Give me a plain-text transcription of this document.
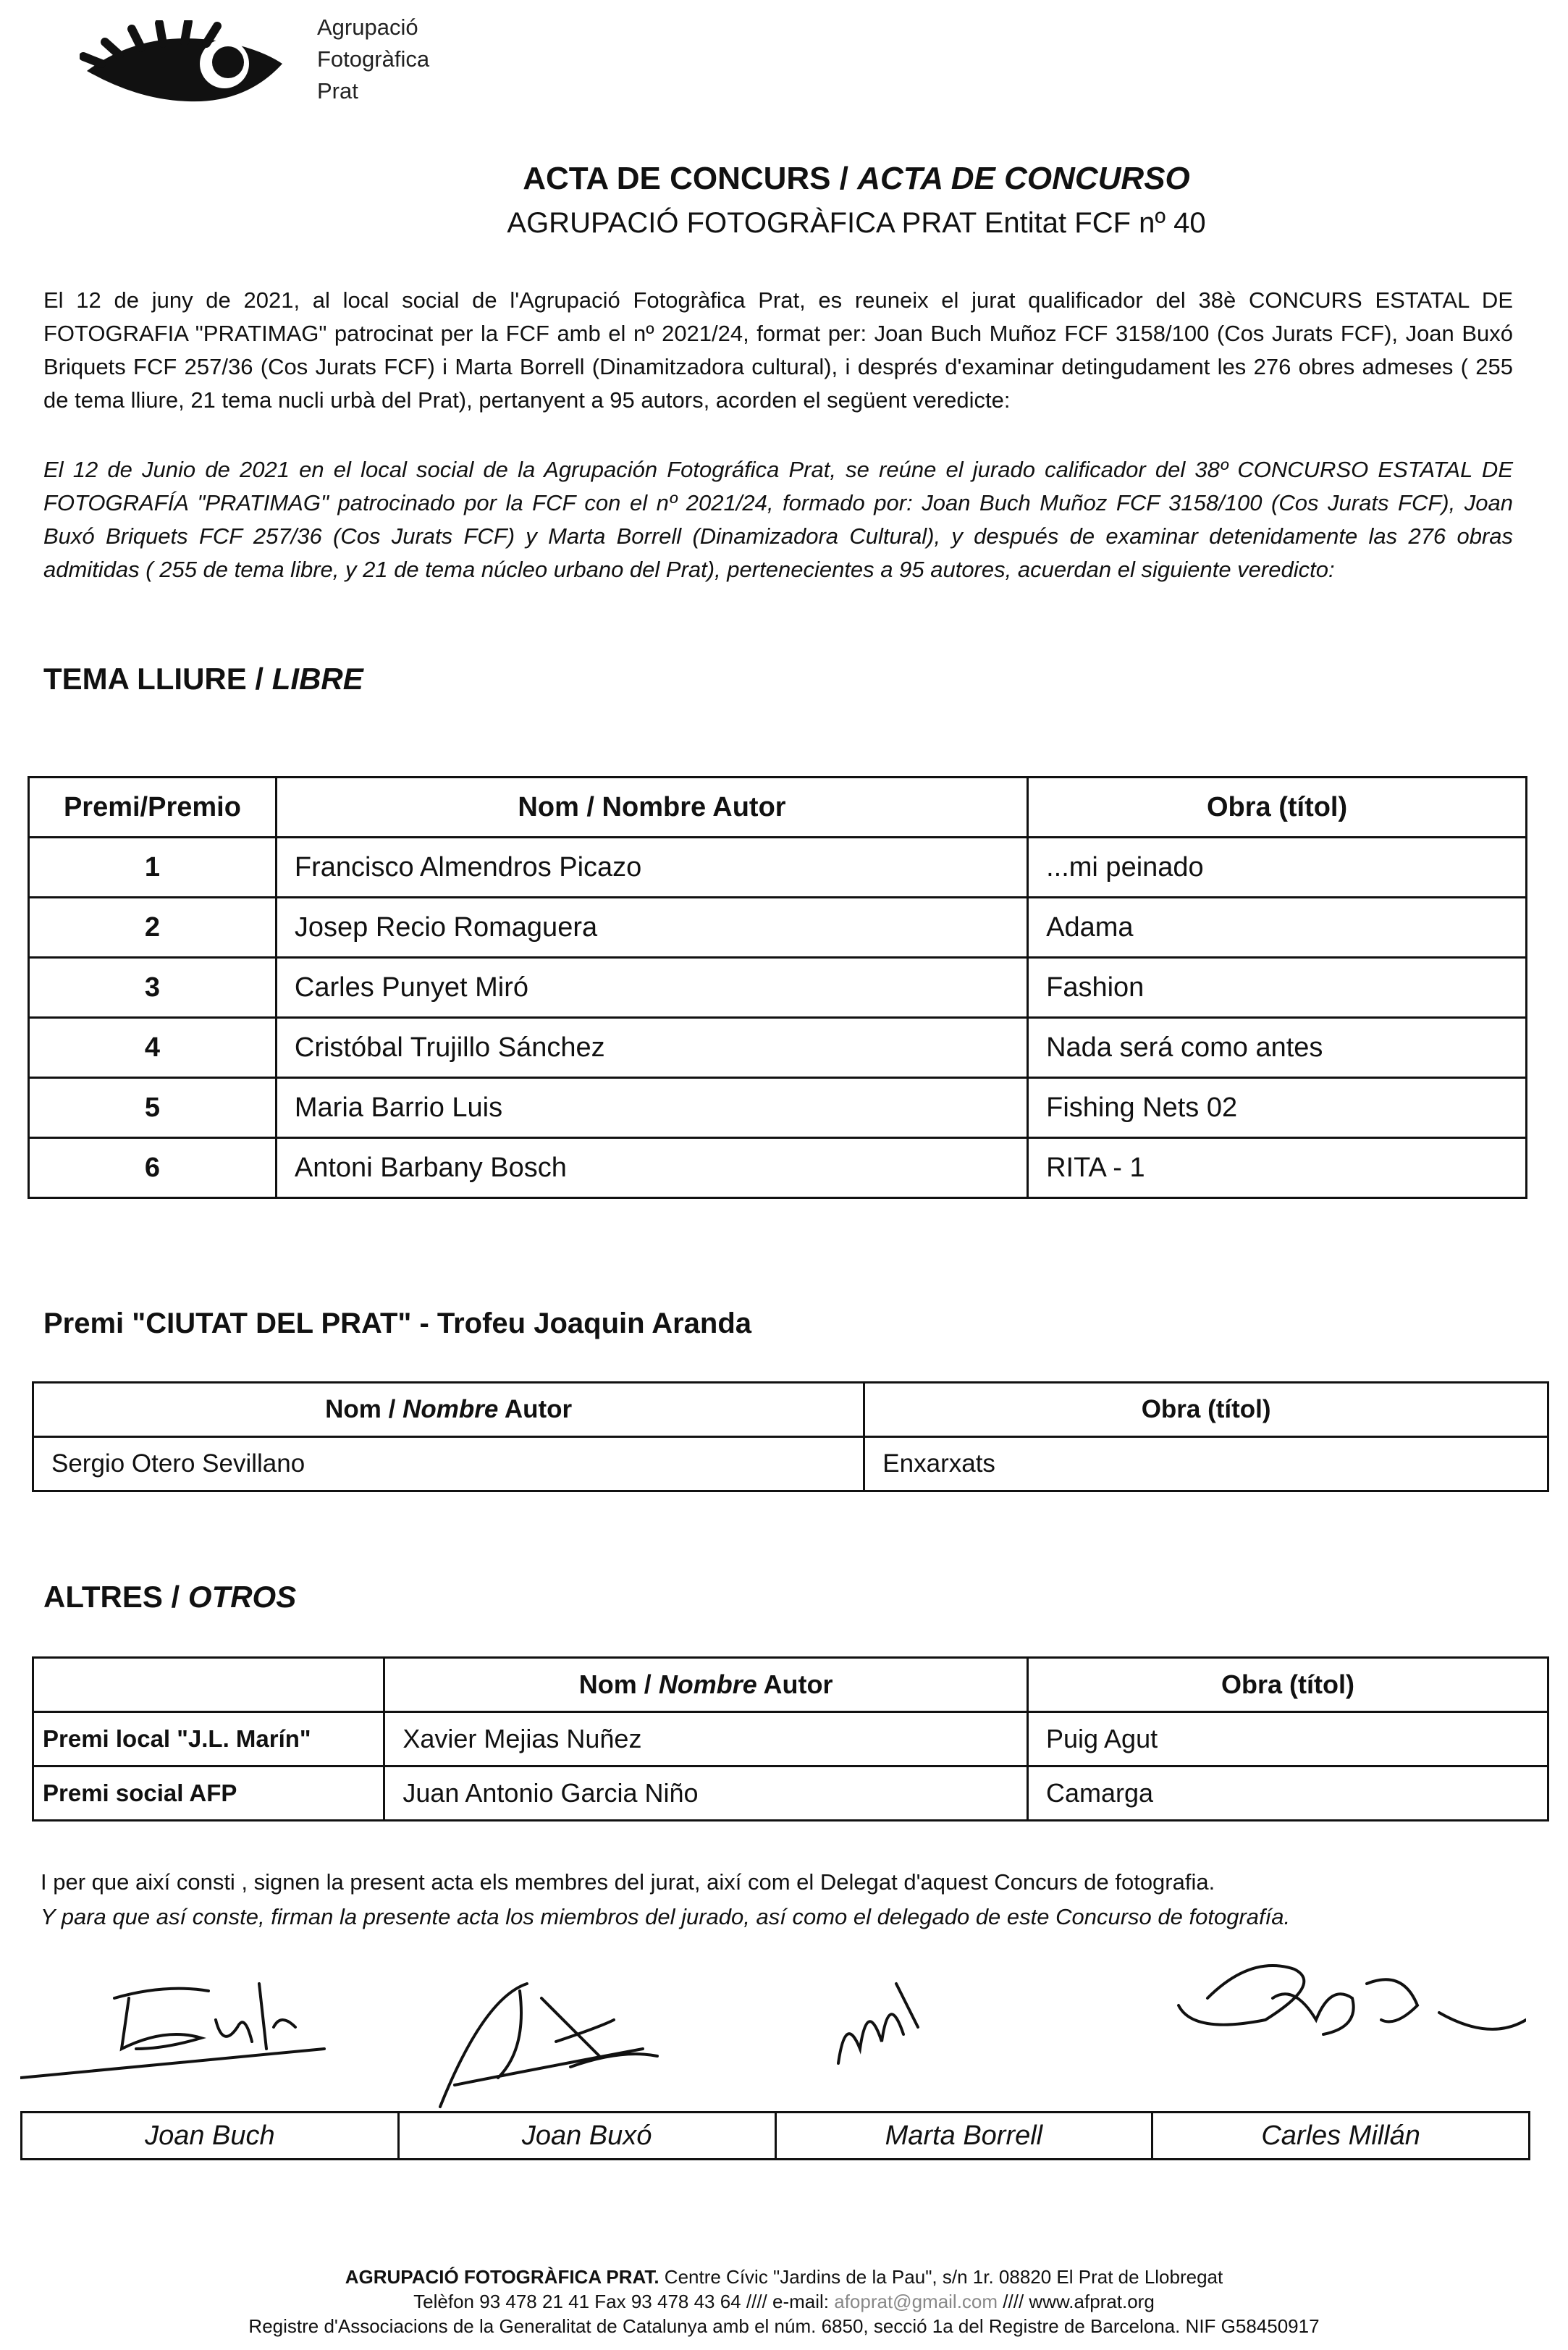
Agrupació
Fotogràfica
Prat
ACTA DE CONCURS / ACTA DE CONCURSO
AGRUPACIÓ FOTOGRÀFICA PRAT Entitat FCF nº 40
El 12 de juny de 2021, al local social de l'Agrupació Fotogràfica Prat, es reuneix el jurat qualificador del 38è CONCURS ESTATAL DE FOTOGRAFIA "PRATIMAG" patrocinat per la FCF amb el nº 2021/24, format per: Joan Buch Muñoz FCF 3158/100 (Cos Jurats FCF), Joan Buxó Briquets FCF 257/36 (Cos Jurats FCF) i Marta Borrell (Dinamitzadora cultural), i després d'examinar detingudament les 276 obres admeses ( 255 de tema lliure, 21 tema nucli urbà del Prat), pertanyent a 95 autors, acorden el següent veredicte:
El 12 de Junio de 2021 en el local social de la Agrupación Fotográfica Prat, se reúne el jurado calificador del 38º CONCURSO ESTATAL DE FOTOGRAFÍA "PRATIMAG" patrocinado por la FCF con el nº 2021/24, formado por: Joan Buch Muñoz FCF 3158/100 (Cos Jurats FCF), Joan Buxó Briquets FCF 257/36 (Cos Jurats FCF) y Marta Borrell (Dinamizadora Cultural), y después de examinar detenidamente las 276 obras admitidas ( 255 de tema libre, y 21 de tema núcleo urbano del Prat), pertenecientes a 95 autores, acuerdan el siguiente veredicto:
TEMA LLIURE / LIBRE
Premi/Premio	Nom / Nombre Autor	Obra (títol)
1	Francisco Almendros Picazo	...mi peinado
2	Josep Recio Romaguera	Adama
3	Carles Punyet Miró	Fashion
4	Cristóbal Trujillo Sánchez	Nada será como antes
5	Maria Barrio Luis	Fishing Nets 02
6	Antoni Barbany Bosch	RITA - 1
Premi "CIUTAT DEL PRAT" - Trofeu Joaquin Aranda
Nom / Nombre Autor	Obra (títol)
Sergio Otero Sevillano	Enxarxats
ALTRES / OTROS
	Nom / Nombre Autor	Obra (títol)
Premi local "J.L. Marín"	Xavier Mejias Nuñez	Puig Agut
Premi social AFP	Juan Antonio Garcia Niño	Camarga
I per que així consti , signen la present acta els membres del jurat, així com el Delegat d'aquest Concurs de fotografia.
Y para que así conste, firman la presente acta los miembros del jurado, así como el delegado de este Concurso de fotografía.
Joan Buch	Joan Buxó	Marta Borrell	Carles Millán
AGRUPACIÓ FOTOGRÀFICA PRAT. Centre Cívic "Jardins de la Pau", s/n 1r. 08820 El Prat de Llobregat
Telèfon 93 478 21 41 Fax 93 478 43 64 //// e-mail: afoprat@gmail.com //// www.afprat.org
Registre d'Associacions de la Generalitat de Catalunya amb el núm. 6850, secció 1a del Registre de Barcelona. NIF G58450917
